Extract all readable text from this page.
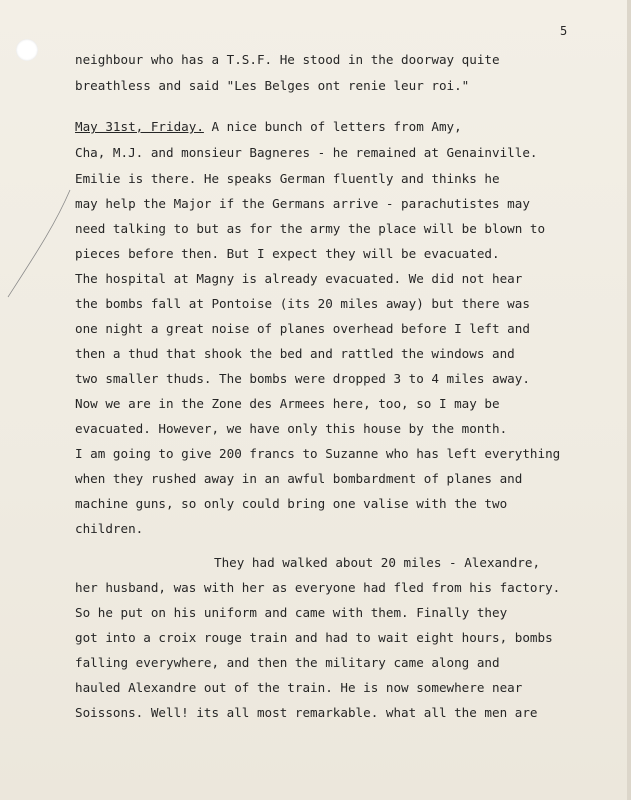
5
neighbour who has a T.S.F. He stood in the doorway quite
breathless and said "Les Belges ont renie leur roi."
May 31st, Friday. A nice bunch of letters from Amy,
Cha, M.J. and monsieur Bagneres - he remained at Genainville.
Emilie is there. He speaks German fluently and thinks he
may help the Major if the Germans arrive - parachutistes may
need talking to but as for the army the place will be blown to
pieces before then. But I expect they will be evacuated.
The hospital at Magny is already evacuated. We did not hear
the bombs fall at Pontoise (its 20 miles away) but there was
one night a great noise of planes overhead before I left and
then a thud that shook the bed and rattled the windows and
two smaller thuds. The bombs were dropped 3 to 4 miles away.
Now we are in the Zone des Armees here, too, so I may be
evacuated. However, we have only this house by the month.
I am going to give 200 francs to Suzanne who has left everything
when they rushed away in an awful bombardment of planes and
machine guns, so only could bring one valise with the two
children.
They had walked about 20 miles - Alexandre,
her husband, was with her as everyone had fled from his factory.
So he put on his uniform and came with them. Finally they
got into a croix rouge train and had to wait eight hours, bombs
falling everywhere, and then the military came along and
hauled Alexandre out of the train. He is now somewhere near
Soissons. Well! its all most remarkable. what all the men are
